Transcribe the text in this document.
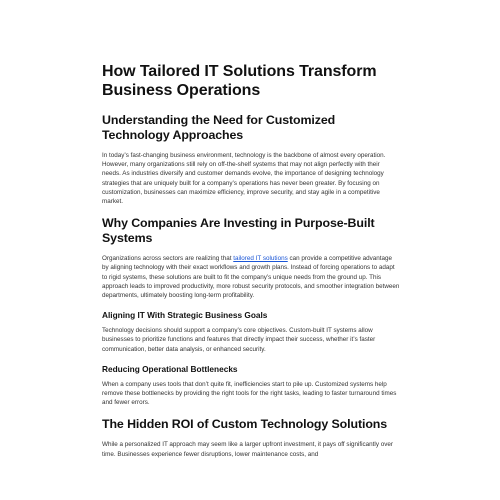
How Tailored IT Solutions Transform Business Operations
Understanding the Need for Customized Technology Approaches

In today’s fast-changing business environment, technology is the backbone of almost every operation. However, many organizations still rely on off-the-shelf systems that may not align perfectly with their needs. As industries diversify and customer demands evolve, the importance of designing technology strategies that are uniquely built for a company’s operations has never been greater. By focusing on customization, businesses can maximize efficiency, improve security, and stay agile in a competitive market.

Why Companies Are Investing in Purpose-Built Systems

Organizations across sectors are realizing that tailored IT solutions can provide a competitive advantage by aligning technology with their exact workflows and growth plans. Instead of forcing operations to adapt to rigid systems, these solutions are built to fit the company’s unique needs from the ground up. This approach leads to improved productivity, more robust security protocols, and smoother integration between departments, ultimately boosting long-term profitability.

Aligning IT With Strategic Business Goals

Technology decisions should support a company’s core objectives. Custom-built IT systems allow businesses to prioritize functions and features that directly impact their success, whether it’s faster communication, better data analysis, or enhanced security.

Reducing Operational Bottlenecks

When a company uses tools that don’t quite fit, inefficiencies start to pile up. Customized systems help remove these bottlenecks by providing the right tools for the right tasks, leading to faster turnaround times and fewer errors.

The Hidden ROI of Custom Technology Solutions

While a personalized IT approach may seem like a larger upfront investment, it pays off significantly over time. Businesses experience fewer disruptions, lower maintenance costs, and
